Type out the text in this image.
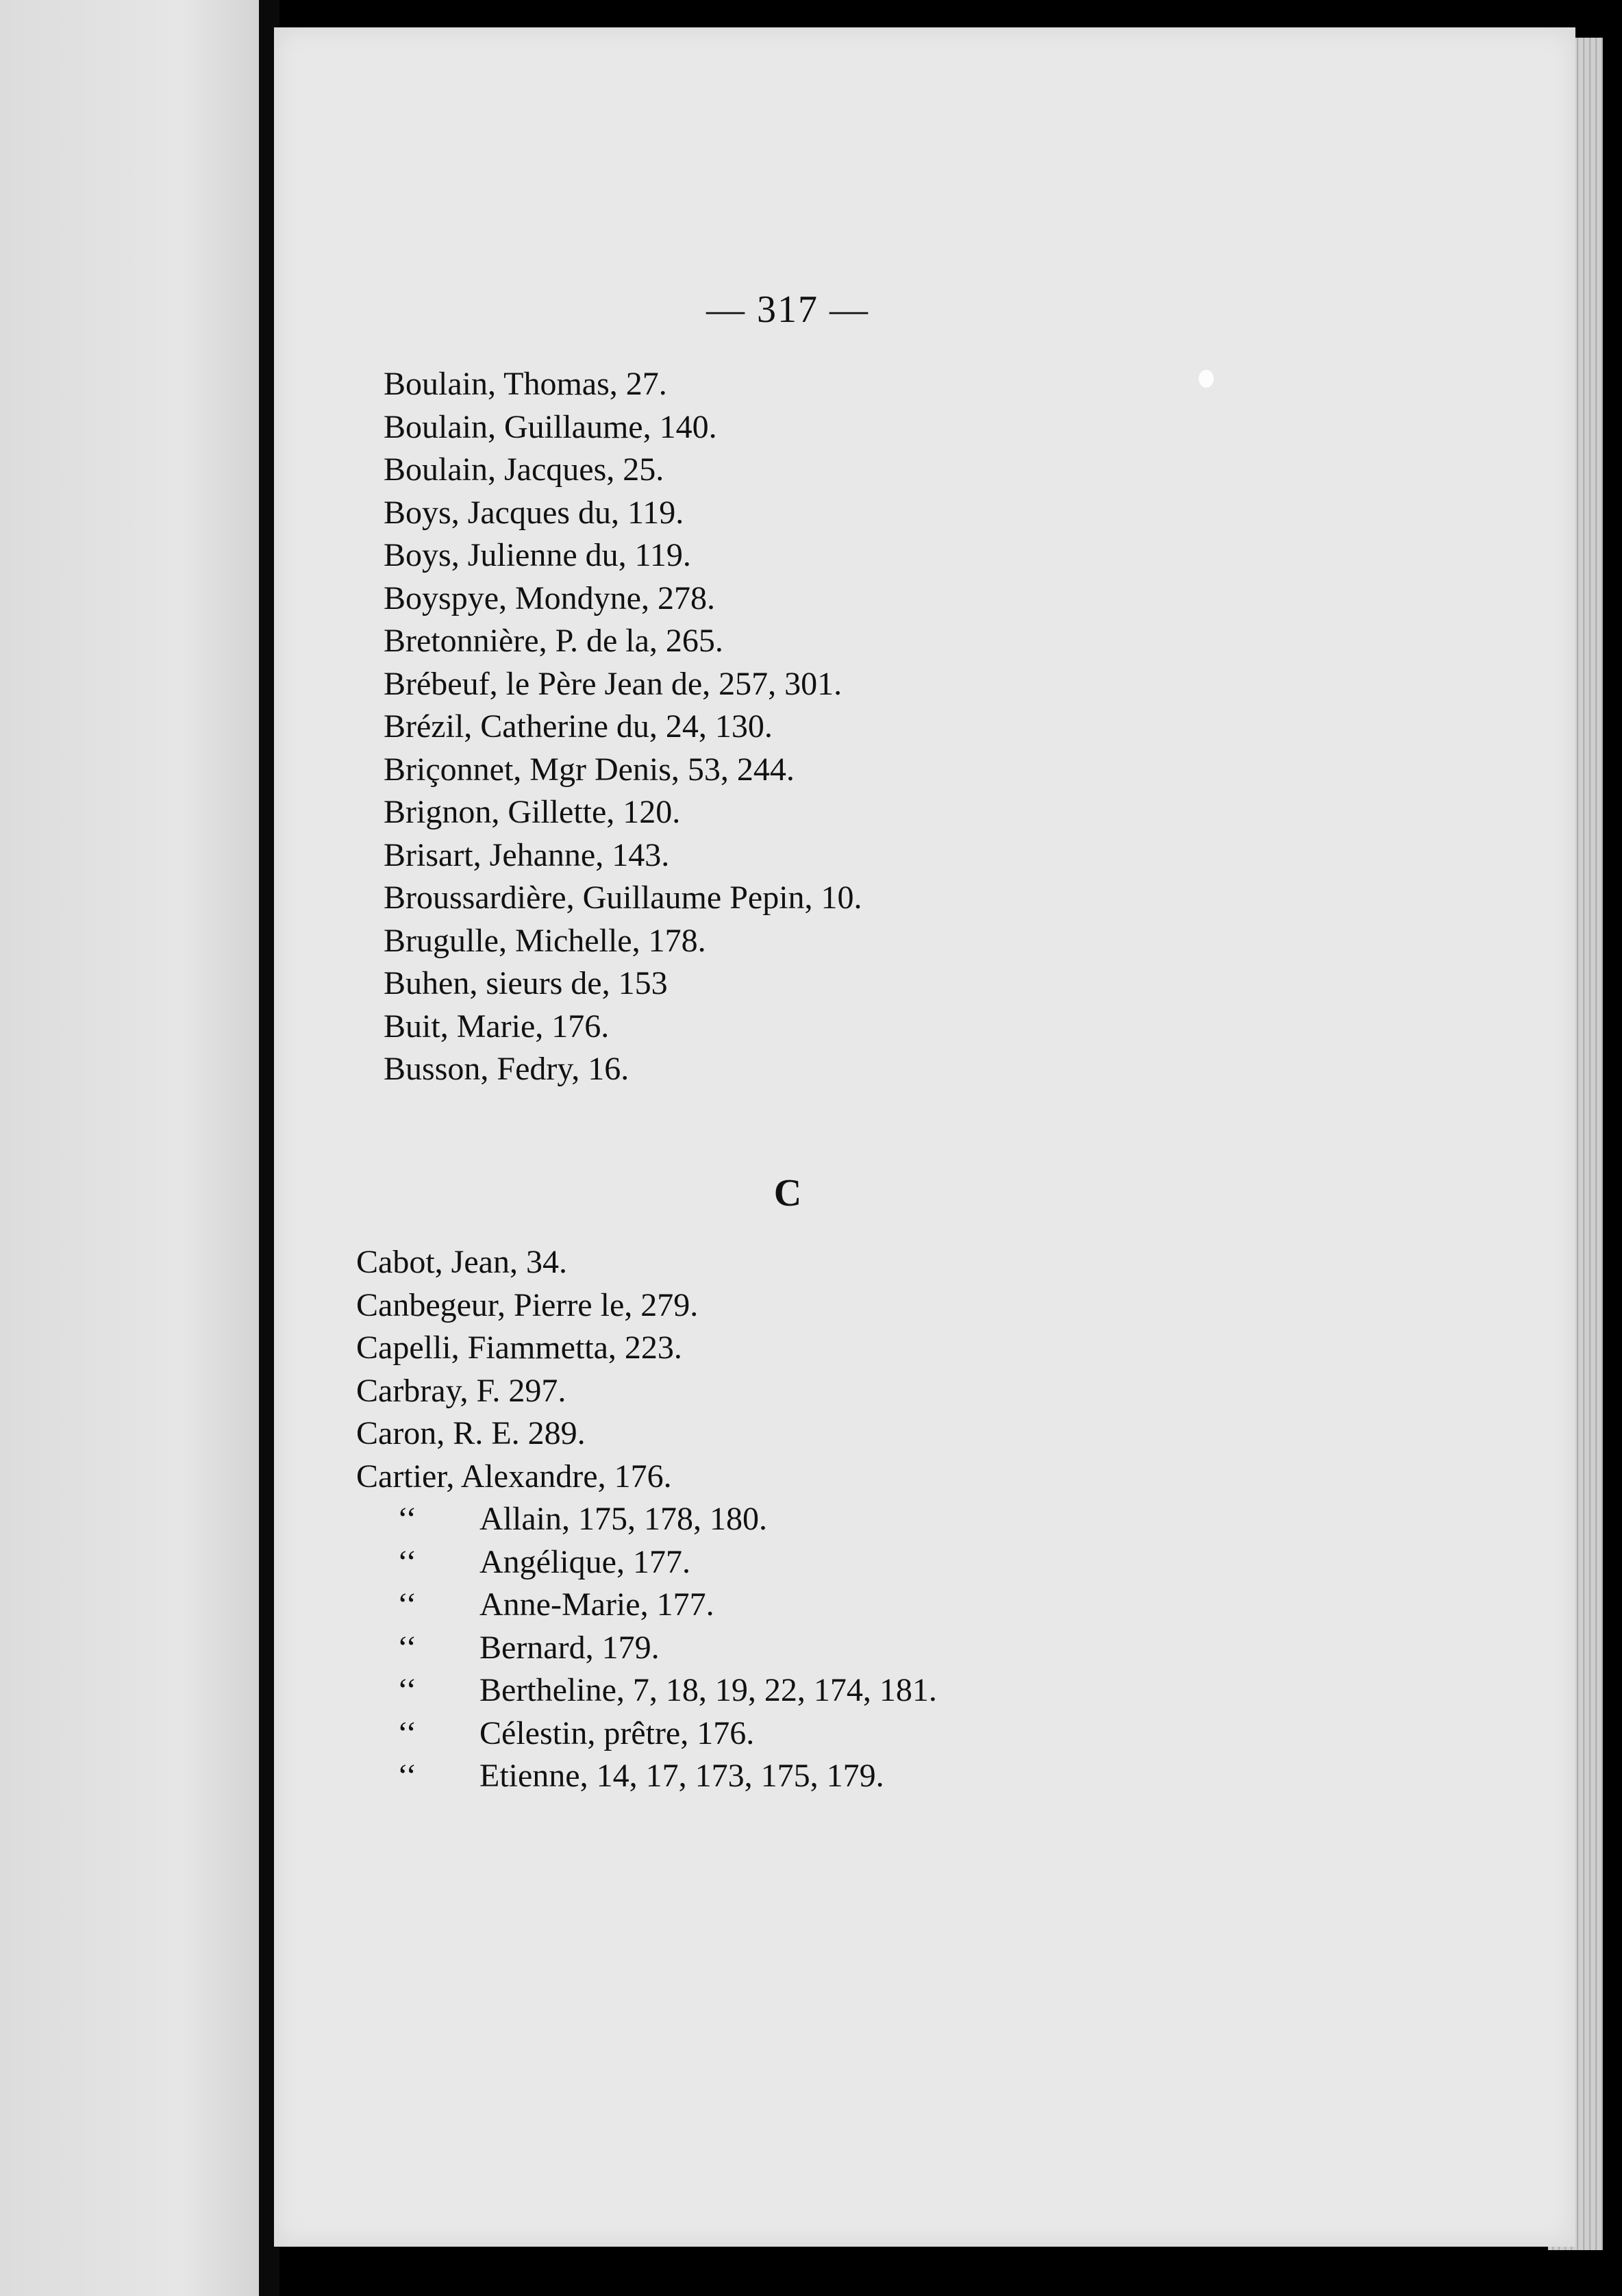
— 317 —
Boulain, Thomas, 27.
Boulain, Guillaume, 140.
Boulain, Jacques, 25.
Boys, Jacques du, 119.
Boys, Julienne du, 119.
Boyspye, Mondyne, 278.
Bretonnière, P. de la, 265.
Brébeuf, le Père Jean de, 257, 301.
Brézil, Catherine du, 24, 130.
Briçonnet, Mgr Denis, 53, 244.
Brignon, Gillette, 120.
Brisart, Jehanne, 143.
Broussardière, Guillaume Pepin, 10.
Brugulle, Michelle, 178.
Buhen, sieurs de, 153
Buit, Marie, 176.
Busson, Fedry, 16.
C
Cabot, Jean, 34.
Canbegeur, Pierre le, 279.
Capelli, Fiammetta, 223.
Carbray, F. 297.
Caron, R. E. 289.
Cartier, Alexandre, 176.
‘‘ Allain, 175, 178, 180.
‘‘ Angélique, 177.
‘‘ Anne-Marie, 177.
‘‘ Bernard, 179.
‘‘ Bertheline, 7, 18, 19, 22, 174, 181.
‘‘ Célestin, prêtre, 176.
‘‘ Etienne, 14, 17, 173, 175, 179.
